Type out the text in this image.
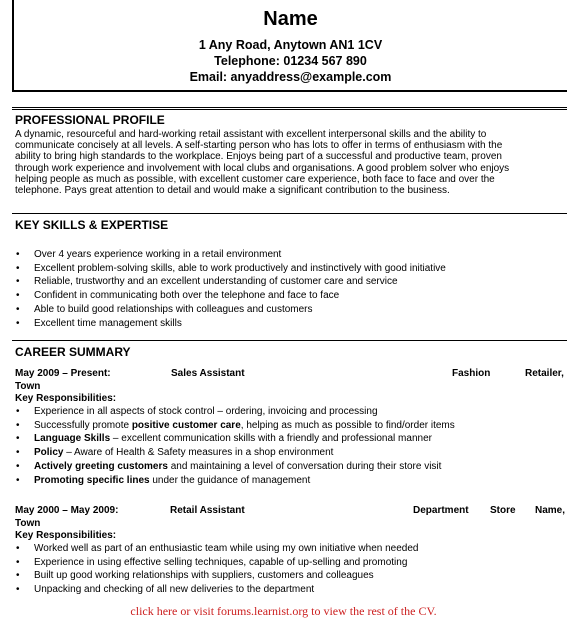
Name
1 Any Road, Anytown AN1 1CV
Telephone: 01234 567 890
Email: anyaddress@example.com
PROFESSIONAL PROFILE
A dynamic, resourceful and hard-working retail assistant with excellent interpersonal skills and the ability to
communicate concisely at all levels. A self-starting person who has lots to offer in terms of enthusiasm with the
ability to bring high standards to the workplace. Enjoys being part of a successful and productive team, proven
through work experience and involvement with local clubs and organisations. A good problem solver who enjoys
helping people as much as possible, with excellent customer care experience, both face to face and over the
telephone. Pays great attention to detail and would make a significant contribution to the business.
KEY SKILLS & EXPERTISE
• Over 4 years experience working in a retail environment
• Excellent problem-solving skills, able to work productively and instinctively with good initiative
• Reliable, trustworthy and an excellent understanding of customer care and service
• Confident in communicating both over the telephone and face to face
• Able to build good relationships with colleagues and customers
• Excellent time management skills
CAREER SUMMARY
May 2009 – Present:	Sales Assistant	Fashion	Retailer,
Town
Key Responsibilities:
• Experience in all aspects of stock control – ordering, invoicing and processing
• Successfully promote positive customer care, helping as much as possible to find/order items
• Language Skills – excellent communication skills with a friendly and professional manner
• Policy – Aware of Health & Safety measures in a shop environment
• Actively greeting customers and maintaining a level of conversation during their store visit
• Promoting specific lines under the guidance of management
May 2000 – May 2009:	Retail Assistant	Department Store Name,
Town
Key Responsibilities:
• Worked well as part of an enthusiastic team while using my own initiative when needed
• Experience in using effective selling techniques, capable of up-selling and promoting
• Built up good working relationships with suppliers, customers and colleagues
• Unpacking and checking of all new deliveries to the department
click here or visit forums.learnist.org to view the rest of the CV.
